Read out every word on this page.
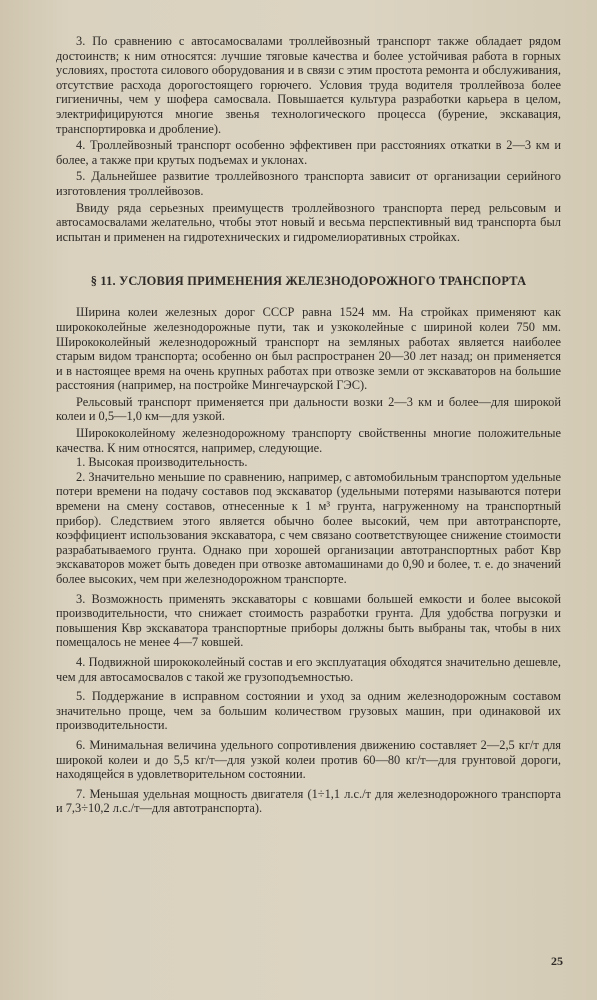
3. По сравнению с автосамосвалами троллейвозный транспорт также обладает рядом достоинств; к ним относятся: лучшие тяговые качества и более устойчивая работа в горных условиях, простота силового оборудования и в связи с этим простота ремонта и обслуживания, отсутствие расхода дорогостоящего горючего. Условия труда водителя троллейвоза более гигиеничны, чем у шофера самосвала. Повышается культура разработки карьера в целом, электрифицируются многие звенья технологического процесса (бурение, экскавация, транспортировка и дробление).

4. Троллейвозный транспорт особенно эффективен при расстояниях откатки в 2—3 км и более, а также при крутых подъемах и уклонах.

5. Дальнейшее развитие троллейвозного транспорта зависит от организации серийного изготовления троллейвозов.

Ввиду ряда серьезных преимуществ троллейвозного транспорта перед рельсовым и автосамосвалами желательно, чтобы этот новый и весьма перспективный вид транспорта был испытан и применен на гидротехнических и гидромелиоративных стройках.

§ 11. УСЛОВИЯ ПРИМЕНЕНИЯ ЖЕЛЕЗНОДОРОЖНОГО ТРАНСПОРТА

Ширина колеи железных дорог СССР равна 1524 мм. На стройках применяют как ширококолейные железнодорожные пути, так и узкоколейные с шириной колеи 750 мм. Ширококолейный железнодорожный транспорт на земляных работах является наиболее старым видом транспорта; особенно он был распространен 20—30 лет назад; он применяется и в настоящее время на очень крупных работах при отвозке земли от экскаваторов на большие расстояния (например, на постройке Мингечаурской ГЭС).

Рельсовый транспорт применяется при дальности возки 2—3 км и более—для широкой колеи и 0,5—1,0 км—для узкой.

Ширококолейному железнодорожному транспорту свойственны многие положительные качества. К ним относятся, например, следующие.

1. Высокая производительность.

2. Значительно меньшие по сравнению, например, с автомобильным транспортом удельные потери времени на подачу составов под экскаватор (удельными потерями называются потери времени на смену составов, отнесенные к 1 м³ грунта, нагруженному на транспортный прибор). Следствием этого является обычно более высокий, чем при автотранспорте, коэффициент использования экскаватора, с чем связано соответствующее снижение стоимости разрабатываемого грунта. Однако при хорошей организации автотранспортных работ Квр экскаваторов может быть доведен при отвозке автомашинами до 0,90 и более, т. е. до значений более высоких, чем при железнодорожном транспорте.

3. Возможность применять экскаваторы с ковшами большей емкости и более высокой производительности, что снижает стоимость разработки грунта. Для удобства погрузки и повышения Квр экскаватора транспортные приборы должны быть выбраны так, чтобы в них помещалось не менее 4—7 ковшей.

4. Подвижной ширококолейный состав и его эксплуатация обходятся значительно дешевле, чем для автосамосвалов с такой же грузоподъемностью.

5. Поддержание в исправном состоянии и уход за одним железнодорожным составом значительно проще, чем за большим количеством грузовых машин, при одинаковой их производительности.

6. Минимальная величина удельного сопротивления движению составляет 2—2,5 кг/т для широкой колеи и до 5,5 кг/т—для узкой колеи против 60—80 кг/т—для грунтовой дороги, находящейся в удовлетворительном состоянии.

7. Меньшая удельная мощность двигателя (1÷1,1 л.с./т для железнодорожного транспорта и 7,3÷10,2 л.с./т—для автотранспорта).

25
